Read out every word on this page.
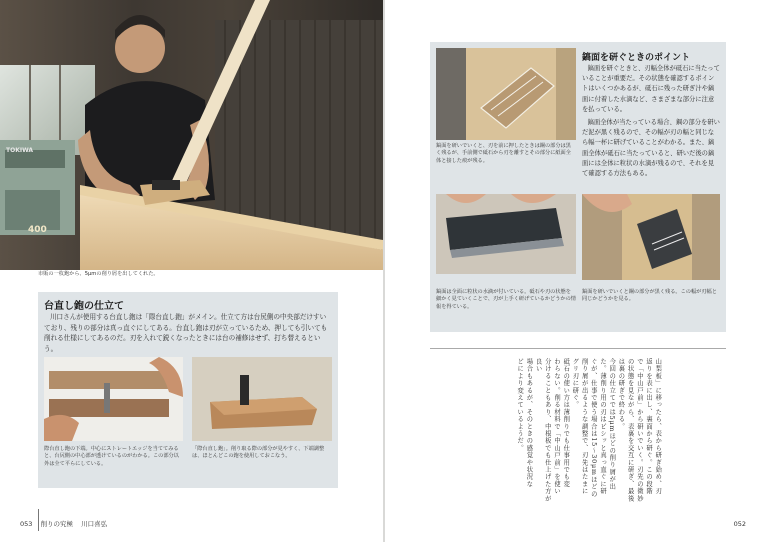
TOKIWA
400
市販の一枚鉋から、5μmの削り屑を出してくれた。
台直し鉋の仕立て
川口さんが使用する台直し鉋は「際台直し鉋」がメイン。仕立て方は台尻側の中央部だけすいており、残りの部分は真っ直ぐにしてある。台直し鉋は刃が立っているため、押しても引いても削れる仕様にしてあるのだ。刃を入れて鋭くなったときには台の補修はせず、打ち替えるという。
際台直し鉋の下端。中心にストレートエッジを当ててみると、台尻側の中心部が透けているのがわかる。この部分以外は全て平らにしている。
「際台直し鉋」。削り取る際の部分が見やすく、下端調整は、ほとんどこの鉋を使用しておこなう。
053 削りの究極 川口喜弘
鎬面を研ぐときのポイント
鎬面を研ぐときと、刃幅全体が砥石に当たっていることが重要だ。その状態を確認するポイントはいくつかあるが、砥石に残った研ぎ汁や鎬面に付着した水滴など、さまざまな部分に注意を払っている。
鎬面全体が当たっている場合、鋼の部分を研いだ泥が黒く残るので、その幅が刃の幅と同じなら幅一杯に研げていることがわかる。また、鎬面全体が砥石に当たっていると、研いだ後の鎬面には全体に粒状の水滴が残るので、それを見て確認する方法もある。
鎬面を研いでいくと、刃を前に押したときは鋼の部分は黒く残るが、手前側で砥石から刃を離すとその部分に紙面全体と接した痕が残る。
鎬面は全面に粒状の水滴が付いている。砥石や刃の状態を細かく見ていくことで、刃が上手く研げているかどうかの情報を得ている。
鎬面を研いでいくと鋼の部分が黒く残る。この幅が刃幅と同じかどうかを見る。
山梨板」に移ったら、表から研ぎ始め、刃
返りを表に出し、裏面から研ぐ。この段階
で「中山戸前」から研いでいく。刃先の微妙
の状態を見ながら、表裏を交互に研ぎ、最後
は裏の研ぎで終わる。
今回の仕立てでは5μmほどの削り屑が出
た。薄削り用の刃はピシッと真っ直ぐに研
ぐが、仕事で使う場合は15〜30μmほどの
削り屑が出るような調整で、刃先はたまに
グリ刃に研ぐ。
砥石の使い方は薄削りでも仕事用でも変
わらない。削る材料で「中山戸前」を使い
分けることもあり、中根板でも仕上げた方が良い
場合もあるが、そのときの感覚や状況な
どにより変えているようだ。
052
